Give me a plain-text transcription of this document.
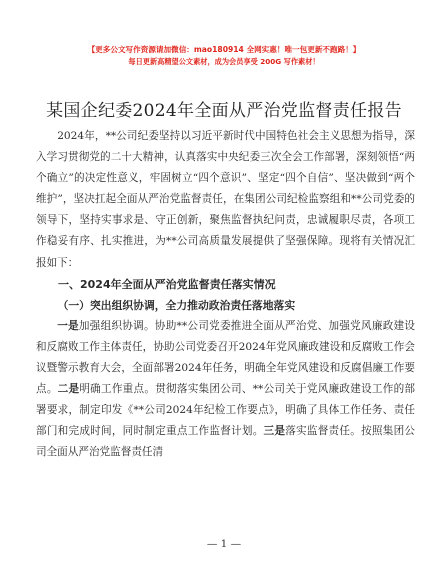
【更多公文写作资源请加微信：mao180914 全网实惠！唯一包更新不跑路！】
每日更新高精望公文素材，成为会员享受 200G 写作素材！
某国企纪委2024年全面从严治党监督责任报告

2024年，**公司纪委坚持以习近平新时代中国特色社会主义思想为指导，深入学习贯彻党的二十大精神，认真落实中央纪委三次全会工作部署，深刻领悟“两个确立”的决定性意义，牢固树立“四个意识”、坚定“四个自信”、坚决做到“两个维护”，坚决扛起全面从严治党监督责任，在集团公司纪检监察组和**公司党委的领导下，坚持实事求是、守正创新，聚焦监督执纪问责，忠诚履职尽责，各项工作稳妥有序、扎实推进，为**公司高质量发展提供了坚强保障。现将有关情况汇报如下：

一、2024年全面从严治党监督责任落实情况

（一）突出组织协调，全力推动政治责任落地落实

一是加强组织协调。协助**公司党委推进全面从严治党、加强党风廉政建设和反腐败工作主体责任，协助公司党委召开2024年党风廉政建设和反腐败工作会议暨警示教育大会，全面部署2024年任务，明确全年党风建设和反腐倡廉工作要点。二是明确工作重点。贯彻落实集团公司、**公司关于党风廉政建设工作的部署要求，制定印发《**公司2024年纪检工作要点》，明确了具体工作任务、责任部门和完成时间，同时制定重点工作监督计划。三是落实监督责任。按照集团公司全面从严治党监督责任清

— 1 —
